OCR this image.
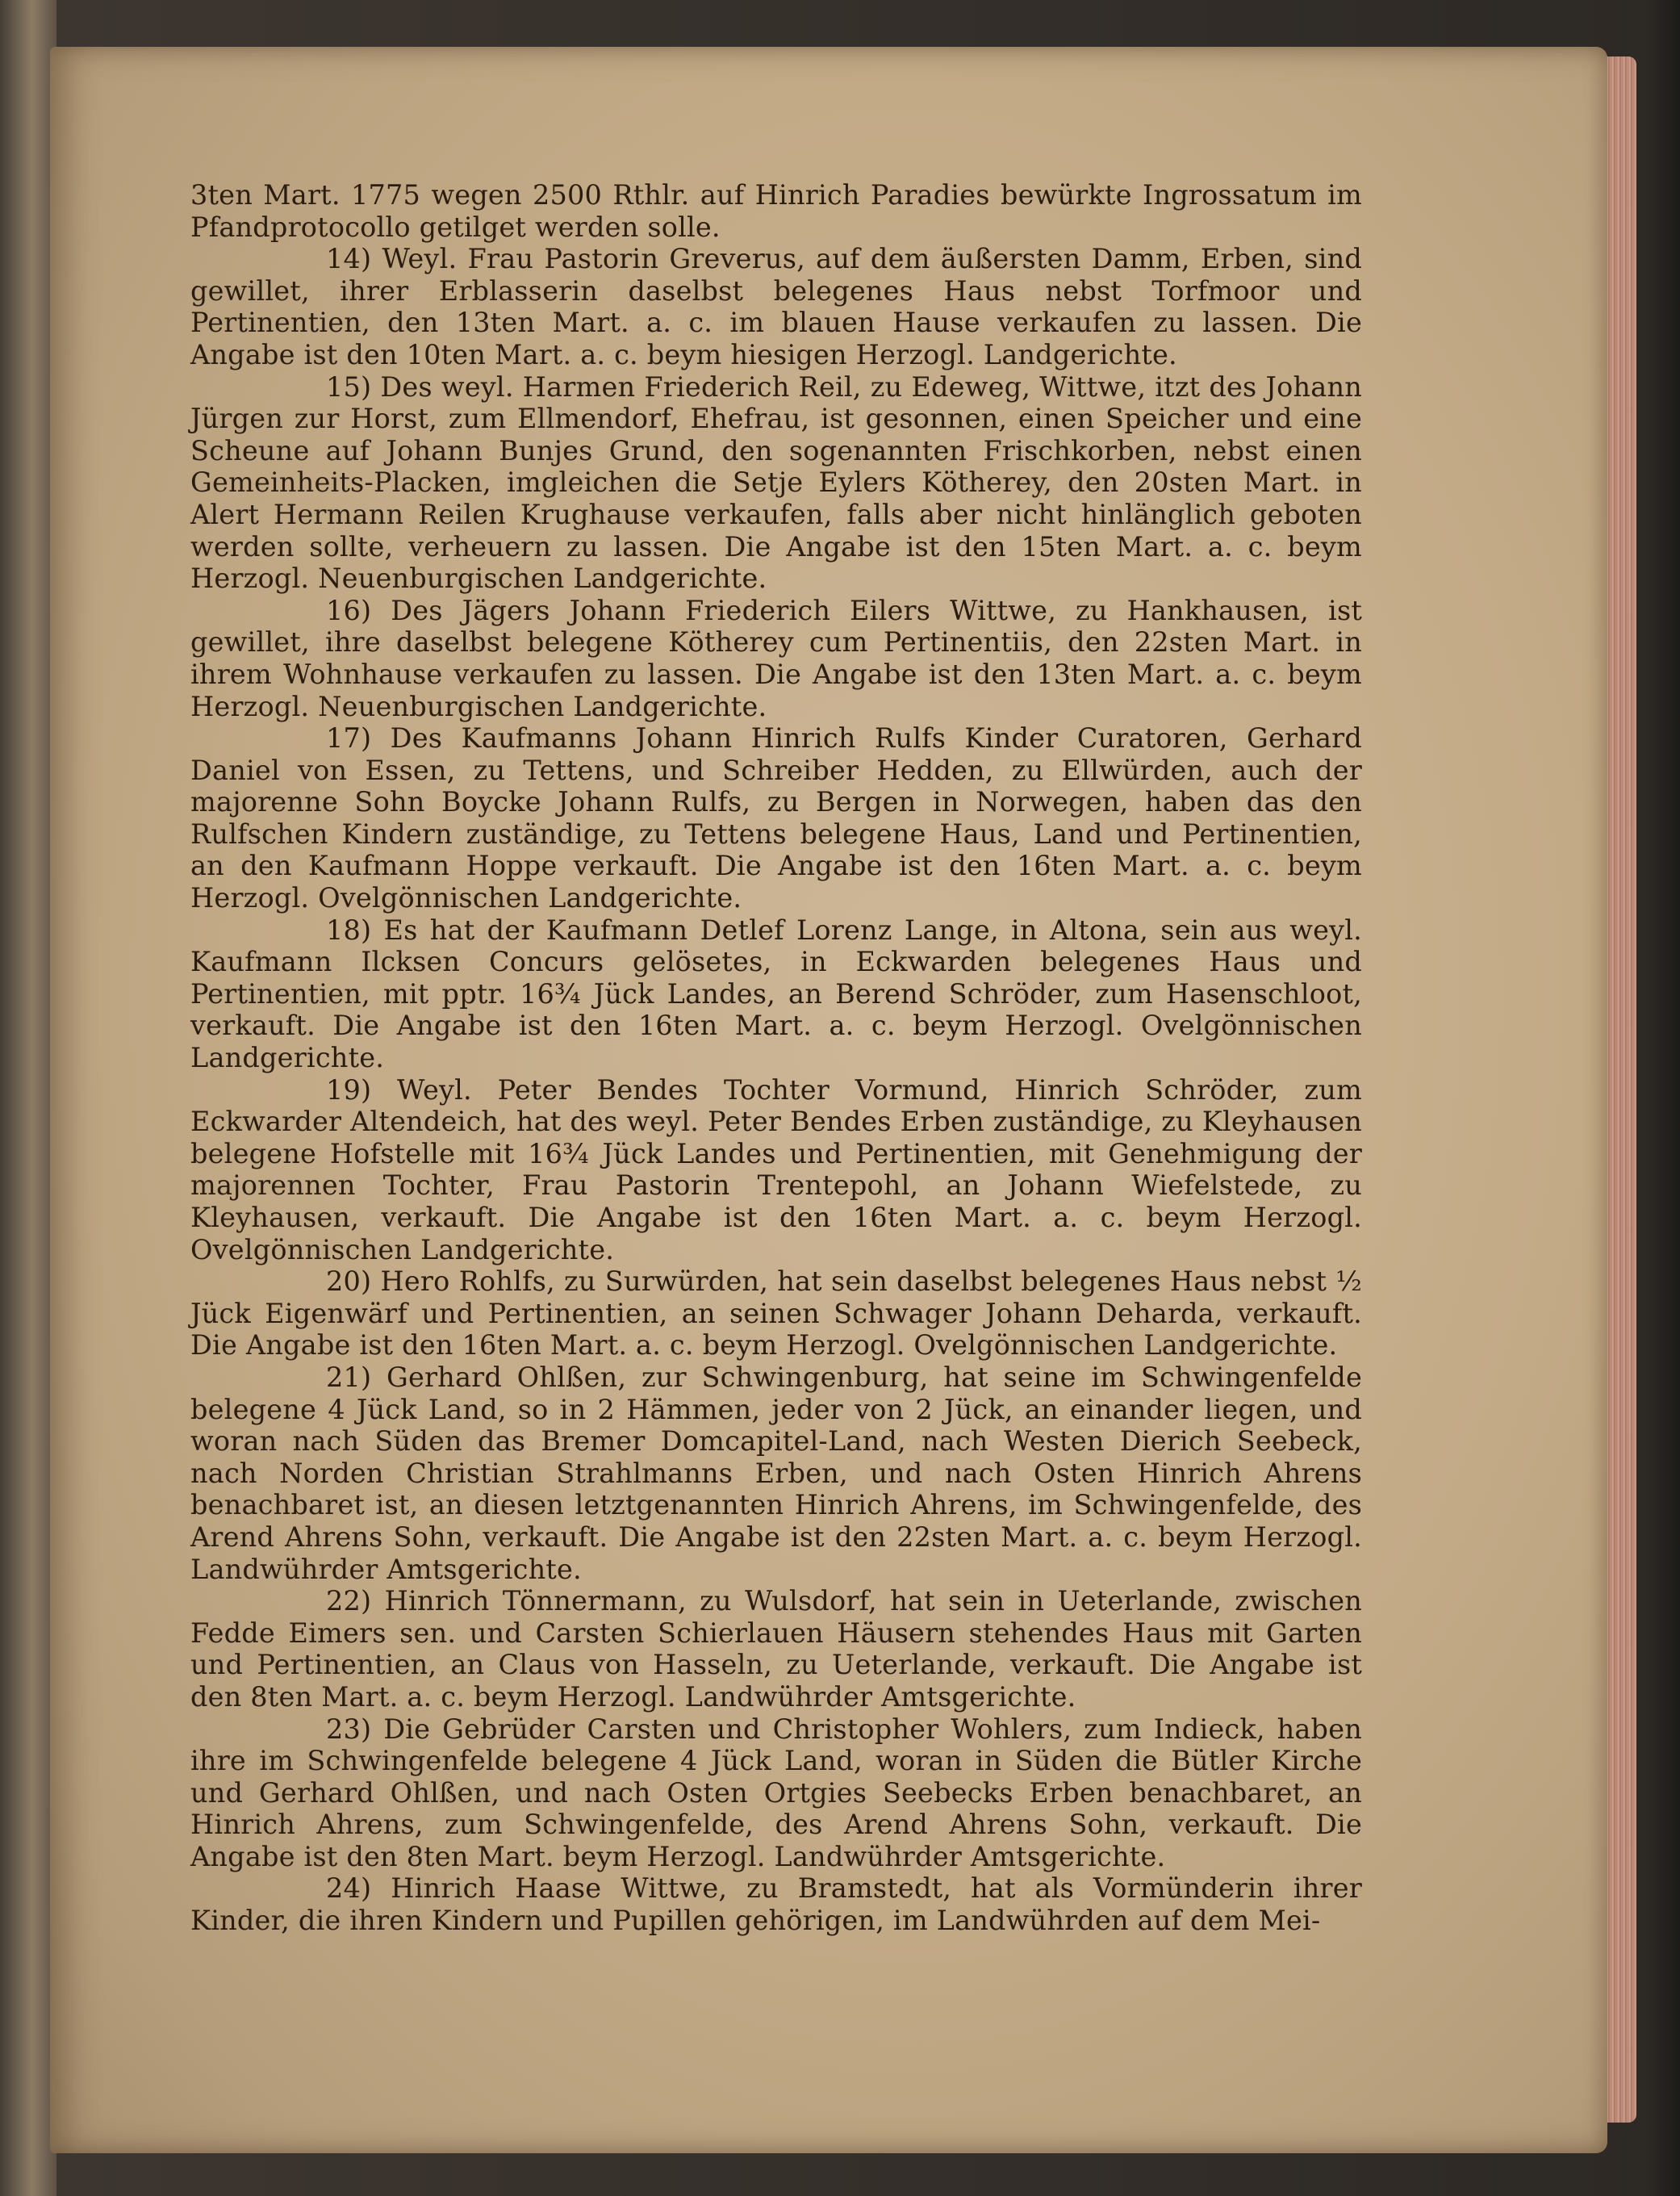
3ten Mart. 1775 wegen 2500 Rthlr. auf Hinrich Paradies bewürkte Ingrossatum im Pfandprotocollo getilget werden solle.

14) Weyl. Frau Pastorin Greverus, auf dem äußersten Damm, Erben, sind gewillet, ihrer Erblasserin daselbst belegenes Haus nebst Torfmoor und Pertinentien, den 13ten Mart. a. c. im blauen Hause verkaufen zu lassen. Die Angabe ist den 10ten Mart. a. c. beym hiesigen Herzogl. Landgerichte.

15) Des weyl. Harmen Friederich Reil, zu Edeweg, Wittwe, itzt des Johann Jürgen zur Horst, zum Ellmendorf, Ehefrau, ist gesonnen, einen Speicher und eine Scheune auf Johann Bunjes Grund, den sogenannten Frischkorben, nebst einen Gemeinheits-Placken, imgleichen die Setje Eylers Kötherey, den 20sten Mart. in Alert Hermann Reilen Krughause verkaufen, falls aber nicht hinlänglich geboten werden sollte, verheuern zu lassen. Die Angabe ist den 15ten Mart. a. c. beym Herzogl. Neuenburgischen Landgerichte.

16) Des Jägers Johann Friederich Eilers Wittwe, zu Hankhausen, ist gewillet, ihre daselbst belegene Kötherey cum Pertinentiis, den 22sten Mart. in ihrem Wohnhause verkaufen zu lassen. Die Angabe ist den 13ten Mart. a. c. beym Herzogl. Neuenburgischen Landgerichte.

17) Des Kaufmanns Johann Hinrich Rulfs Kinder Curatoren, Gerhard Daniel von Essen, zu Tettens, und Schreiber Hedden, zu Ellwürden, auch der majorenne Sohn Boycke Johann Rulfs, zu Bergen in Norwegen, haben das den Rulfschen Kindern zuständige, zu Tettens belegene Haus, Land und Pertinentien, an den Kaufmann Hoppe verkauft. Die Angabe ist den 16ten Mart. a. c. beym Herzogl. Ovelgönnischen Landgerichte.

18) Es hat der Kaufmann Detlef Lorenz Lange, in Altona, sein aus weyl. Kaufmann Ilcksen Concurs gelösetes, in Eckwarden belegenes Haus und Pertinentien, mit pptr. 16¾ Jück Landes, an Berend Schröder, zum Hasenschloot, verkauft. Die Angabe ist den 16ten Mart. a. c. beym Herzogl. Ovelgönnischen Landgerichte.

19) Weyl. Peter Bendes Tochter Vormund, Hinrich Schröder, zum Eckwarder Altendeich, hat des weyl. Peter Bendes Erben zuständige, zu Kleyhausen belegene Hofstelle mit 16¾ Jück Landes und Pertinentien, mit Genehmigung der majorennen Tochter, Frau Pastorin Trentepohl, an Johann Wiefelstede, zu Kleyhausen, verkauft. Die Angabe ist den 16ten Mart. a. c. beym Herzogl. Ovelgönnischen Landgerichte.

20) Hero Rohlfs, zu Surwürden, hat sein daselbst belegenes Haus nebst ½ Jück Eigenwärf und Pertinentien, an seinen Schwager Johann Deharda, verkauft. Die Angabe ist den 16ten Mart. a. c. beym Herzogl. Ovelgönnischen Landgerichte.

21) Gerhard Ohlßen, zur Schwingenburg, hat seine im Schwingenfelde belegene 4 Jück Land, so in 2 Hämmen, jeder von 2 Jück, an einander liegen, und woran nach Süden das Bremer Domcapitel-Land, nach Westen Dierich Seebeck, nach Norden Christian Strahlmanns Erben, und nach Osten Hinrich Ahrens benachbaret ist, an diesen letztgenannten Hinrich Ahrens, im Schwingenfelde, des Arend Ahrens Sohn, verkauft. Die Angabe ist den 22sten Mart. a. c. beym Herzogl. Landwührder Amtsgerichte.

22) Hinrich Tönnermann, zu Wulsdorf, hat sein in Ueterlande, zwischen Fedde Eimers sen. und Carsten Schierlauen Häusern stehendes Haus mit Garten und Pertinentien, an Claus von Hasseln, zu Ueterlande, verkauft. Die Angabe ist den 8ten Mart. a. c. beym Herzogl. Landwührder Amtsgerichte.

23) Die Gebrüder Carsten und Christopher Wohlers, zum Indieck, haben ihre im Schwingenfelde belegene 4 Jück Land, woran in Süden die Bütler Kirche und Gerhard Ohlßen, und nach Osten Ortgies Seebecks Erben benachbaret, an Hinrich Ahrens, zum Schwingenfelde, des Arend Ahrens Sohn, verkauft. Die Angabe ist den 8ten Mart. beym Herzogl. Landwührder Amtsgerichte.

24) Hinrich Haase Wittwe, zu Bramstedt, hat als Vormünderin ihrer Kinder, die ihren Kindern und Pupillen gehörigen, im Landwührden auf dem Mei-
